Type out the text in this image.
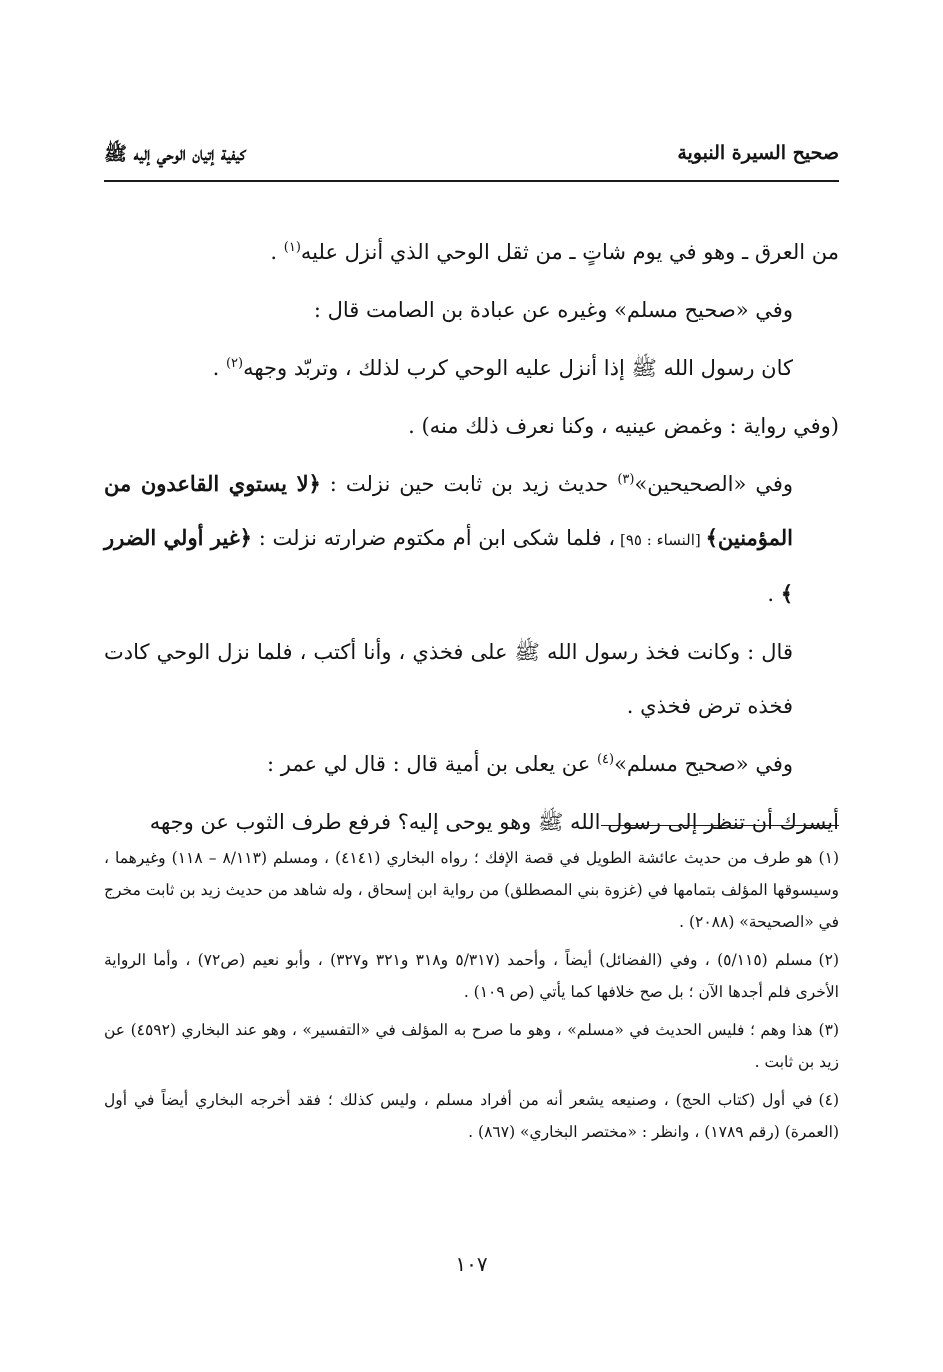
صحيح السيرة النبوية
كيفية إتيان الوحي إليه ﷺ

من العرق ـ وهو في يوم شاتٍ ـ من ثقل الوحي الذي أنزل عليه$^{(١)}$ .

وفي «صحيح مسلم» وغيره عن عبادة بن الصامت قال :

كان رسول الله ﷺ إذا أنزل عليه الوحي كرب لذلك ، وتربّد وجهه$^{(٢)}$ .

(وفي رواية : وغمض عينيه ، وكنا نعرف ذلك منه) .

وفي «الصحيحين»$^{(٣)}$ حديث زيد بن ثابت حين نزلت : ﴿لا يستوي القاعدون من المؤمنين﴾ [النساء : ٩٥] ، فلما شكى ابن أم مكتوم ضرارته نزلت : ﴿غير أولي الضرر ﴾ .

قال : وكانت فخذ رسول الله ﷺ على فخذي ، وأنا أكتب ، فلما نزل الوحي كادت فخذه ترض فخذي .

وفي «صحيح مسلم»$^{(٤)}$ عن يعلى بن أمية قال : قال لي عمر :

أيسرك أن تنظر إلى رسول الله ﷺ وهو يوحى إليه؟ فرفع طرف الثوب عن وجهه

(١)هو طرف من حديث عائشة الطويل في قصة الإفك ؛ رواه البخاري (٤١٤١) ، ومسلم (٨/١١٣ – ١١٨) وغيرهما ، وسيسوقها المؤلف بتمامها في (غزوة بني المصطلق) من رواية ابن إسحاق ، وله شاهد من حديث زيد بن ثابت مخرج في «الصحيحة» (٢٠٨٨) .

(٢)مسلم (٥/١١٥) ، وفي (الفضائل) أيضاً ، وأحمد (٥/٣١٧ و٣١٨ و٣٢١ و٣٢٧) ، وأبو نعيم (ص٧٢) ، وأما الرواية الأخرى فلم أجدها الآن ؛ بل صح خلافها كما يأتي (ص ١٠٩) .

(٣)هذا وهم ؛ فليس الحديث في «مسلم» ، وهو ما صرح به المؤلف في «التفسير» ، وهو عند البخاري (٤٥٩٢) عن زيد بن ثابت .

(٤)في أول (كتاب الحج) ، وصنيعه يشعر أنه من أفراد مسلم ، وليس كذلك ؛ فقد أخرجه البخاري أيضاً في أول (العمرة) (رقم ١٧٨٩) ، وانظر : «مختصر البخاري» (٨٦٧) .

١٠٧
